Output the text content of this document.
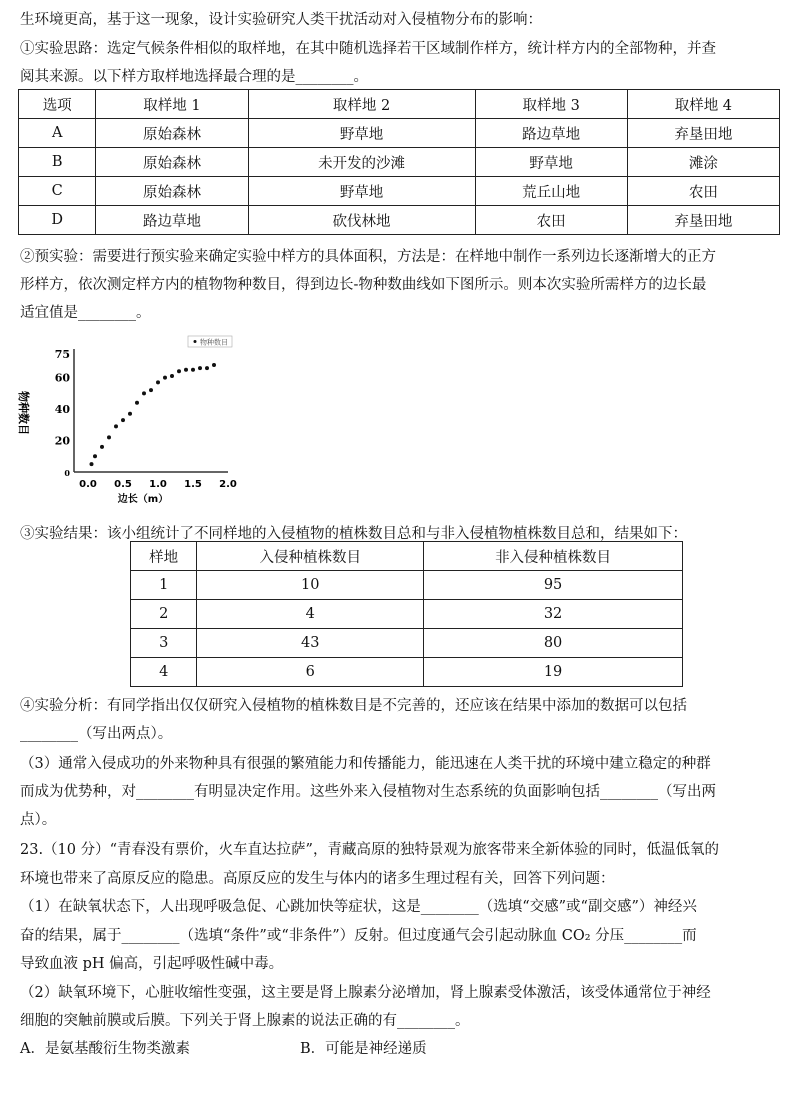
生环境更高，基于这一现象，设计实验研究人类干扰活动对入侵植物分布的影响：
①实验思路：选定气候条件相似的取样地，在其中随机选择若干区域制作样方，统计样方内的全部物种，并查
阅其来源。以下样方取样地选择最合理的是________。
选项	取样地 1	取样地 2	取样地 3	取样地 4
A	原始森林	野草地	路边草地	弃垦田地
B	原始森林	未开发的沙滩	野草地	滩涂
C	原始森林	野草地	荒丘山地	农田
D	路边草地	砍伐林地	农田	弃垦田地
②预实验：需要进行预实验来确定实验中样方的具体面积，方法是：在样地中制作一系列边长逐渐增大的正方
形样方，依次测定样方内的植物物种数目，得到边长-物种数曲线如下图所示。则本次实验所需样方的边长最
适宜值是________。
0
20
40
60
75
0.0 0.5 1.0 1.5 2.0
边长（m）
物种数目
物种数目
③实验结果：该小组统计了不同样地的入侵植物的植株数目总和与非入侵植物植株数目总和，结果如下：
样地	入侵种植株数目	非入侵种植株数目
1	10	95
2	4	32
3	43	80
4	6	19
④实验分析：有同学指出仅仅研究入侵植物的植株数目是不完善的，还应该在结果中添加的数据可以包括
________（写出两点）。
（3）通常入侵成功的外来物种具有很强的繁殖能力和传播能力，能迅速在人类干扰的环境中建立稳定的种群
而成为优势种，对________有明显决定作用。这些外来入侵植物对生态系统的负面影响包括________（写出两
点）。
23.（10 分）“青春没有票价，火车直达拉萨”，青藏高原的独特景观为旅客带来全新体验的同时，低温低氧的
环境也带来了高原反应的隐患。高原反应的发生与体内的诸多生理过程有关，回答下列问题：
（1）在缺氧状态下，人出现呼吸急促、心跳加快等症状，这是________（选填“交感”或“副交感”）神经兴
奋的结果，属于________（选填“条件”或“非条件”）反射。但过度通气会引起动脉血 CO₂ 分压________而
导致血液 pH 偏高，引起呼吸性碱中毒。
（2）缺氧环境下，心脏收缩性变强，这主要是肾上腺素分泌增加，肾上腺素受体激活，该受体通常位于神经
细胞的突触前膜或后膜。下列关于肾上腺素的说法正确的有________。
A．是氨基酸衍生物类激素	B．可能是神经递质
